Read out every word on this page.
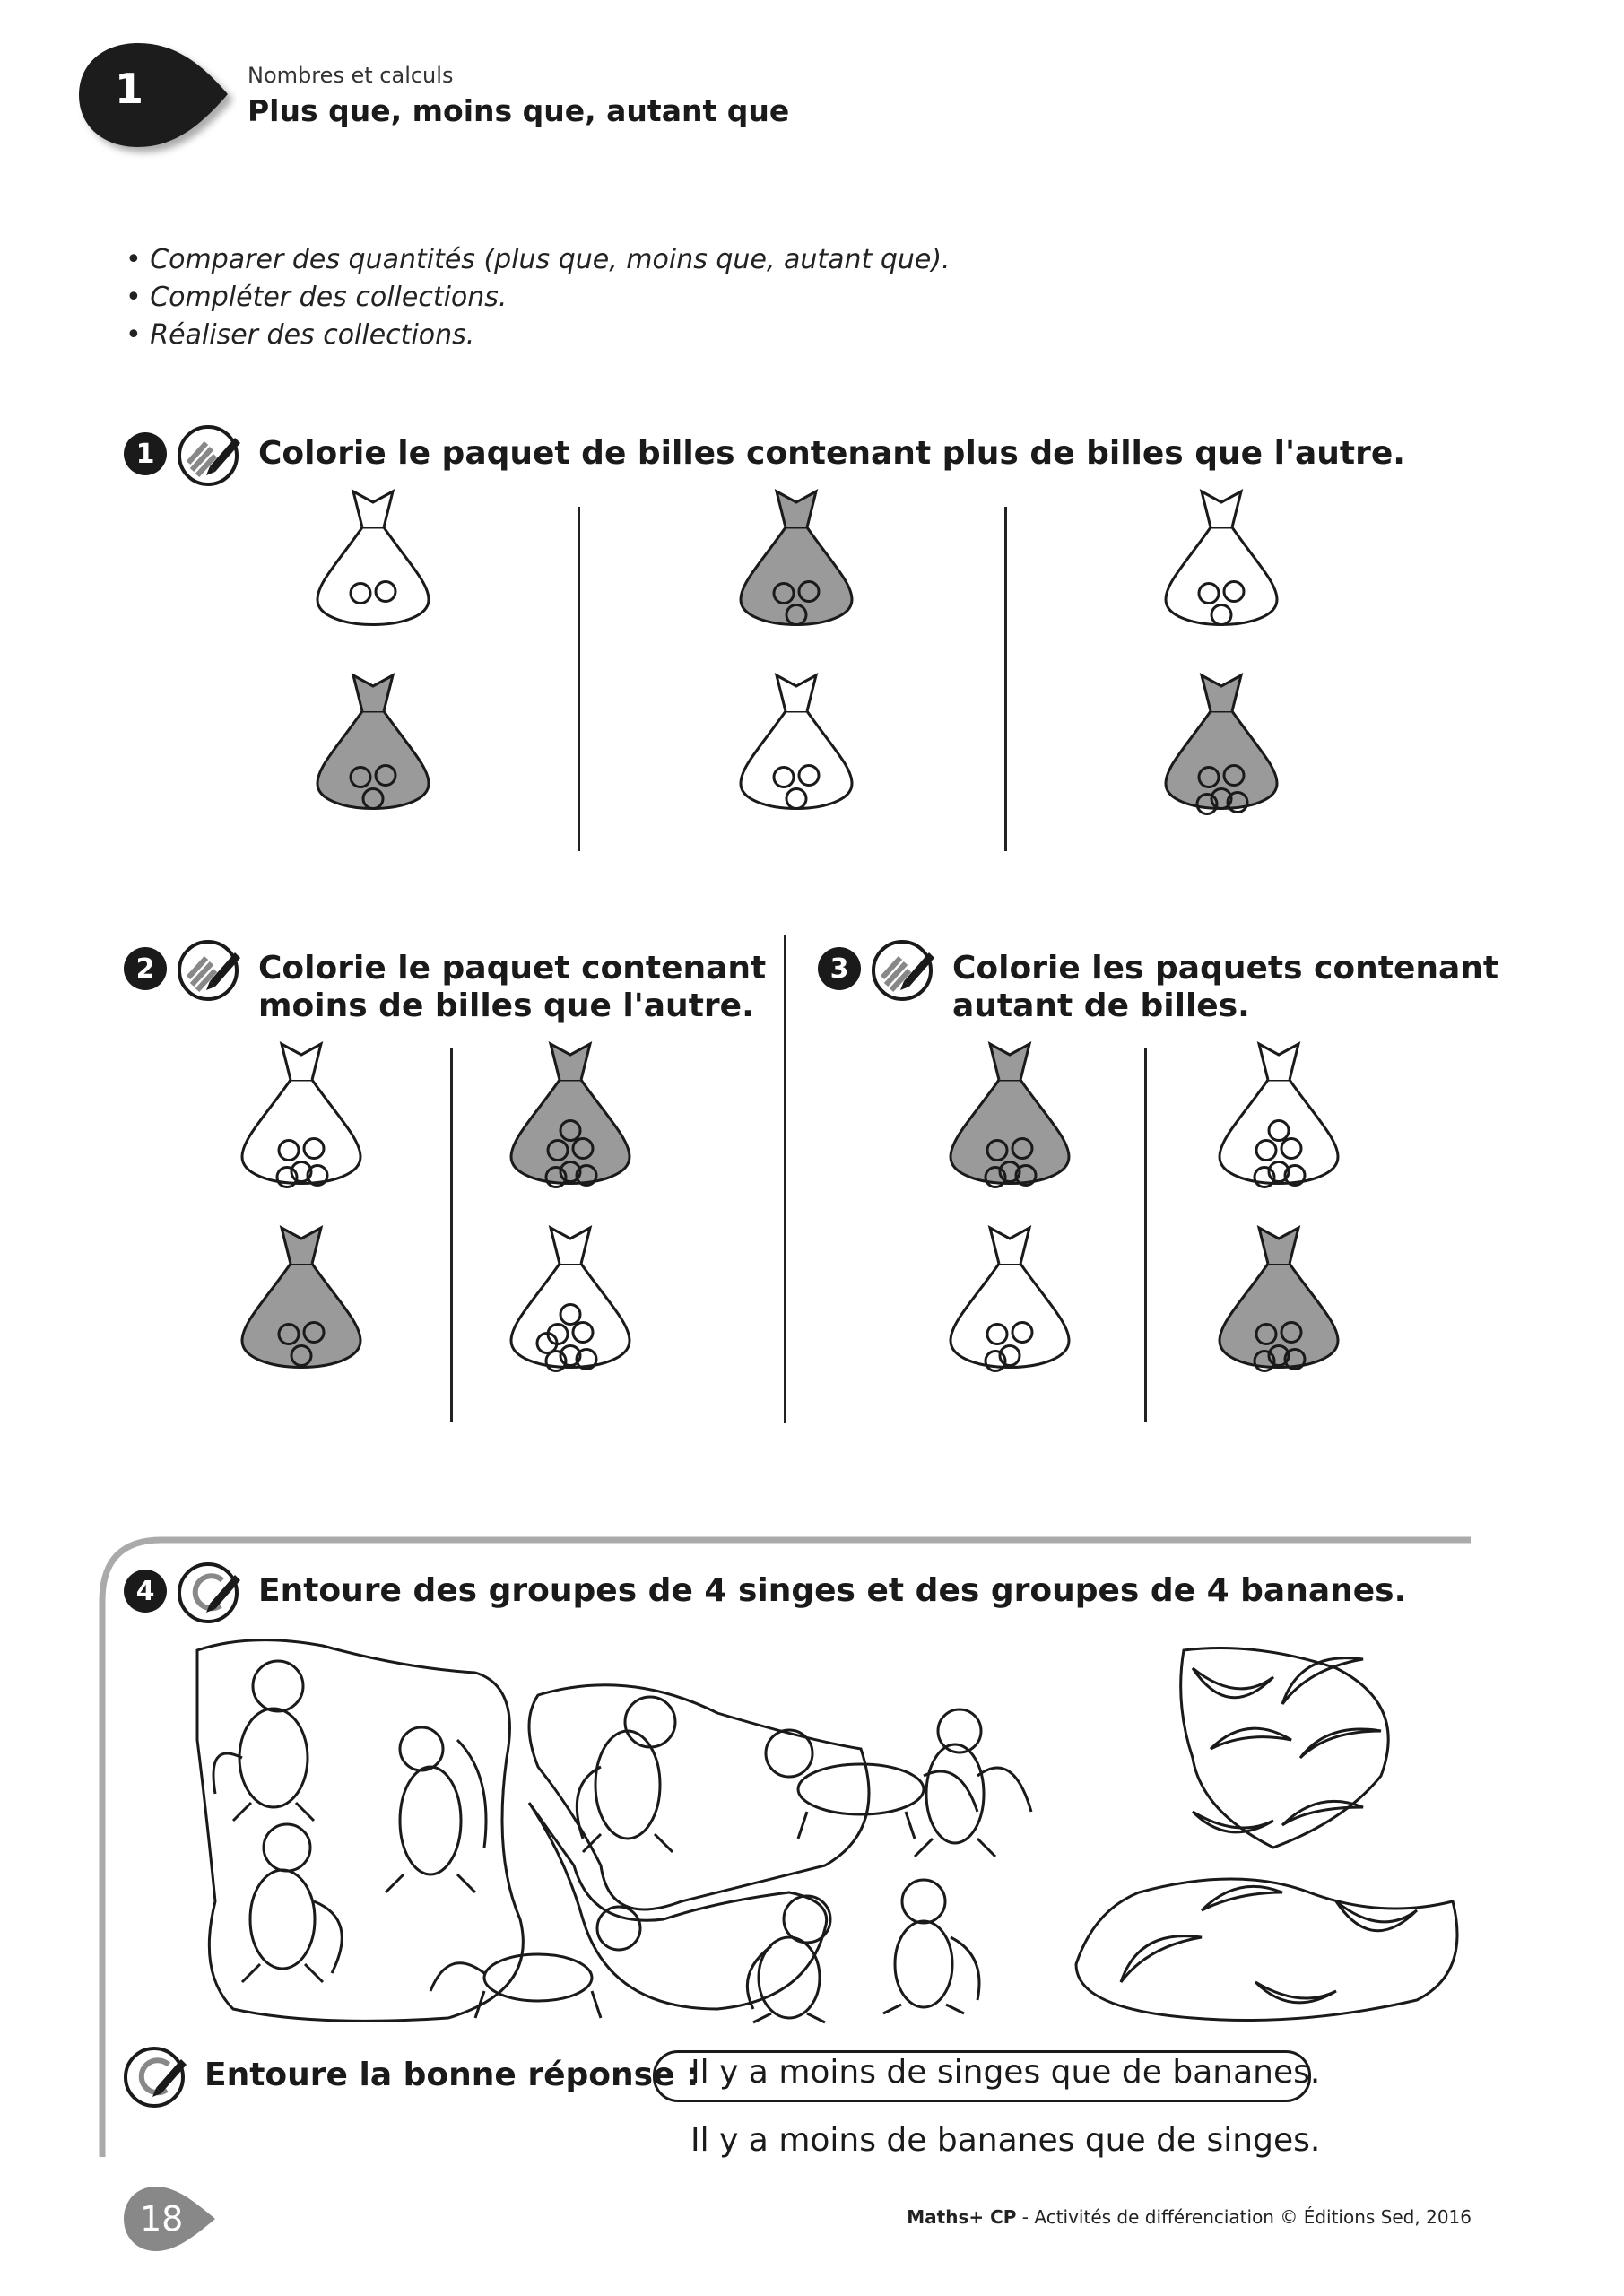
1	Nombres et calculs
Plus que, moins que, autant que
• Comparer des quantités (plus que, moins que, autant que).
• Compléter des collections.
• Réaliser des collections.
1	Colorie le paquet de billes contenant plus de billes que l'autre.
2	Colorie le paquet contenant
moins de billes que l'autre.
3	Colorie les paquets contenant
autant de billes.
4	Entoure des groupes de 4 singes et des groupes de 4 bananes.
Entoure la bonne réponse :
Il y a moins de singes que de bananes.
Il y a moins de bananes que de singes.
18	Maths+ CP - Activités de différenciation © Éditions Sed, 2016
